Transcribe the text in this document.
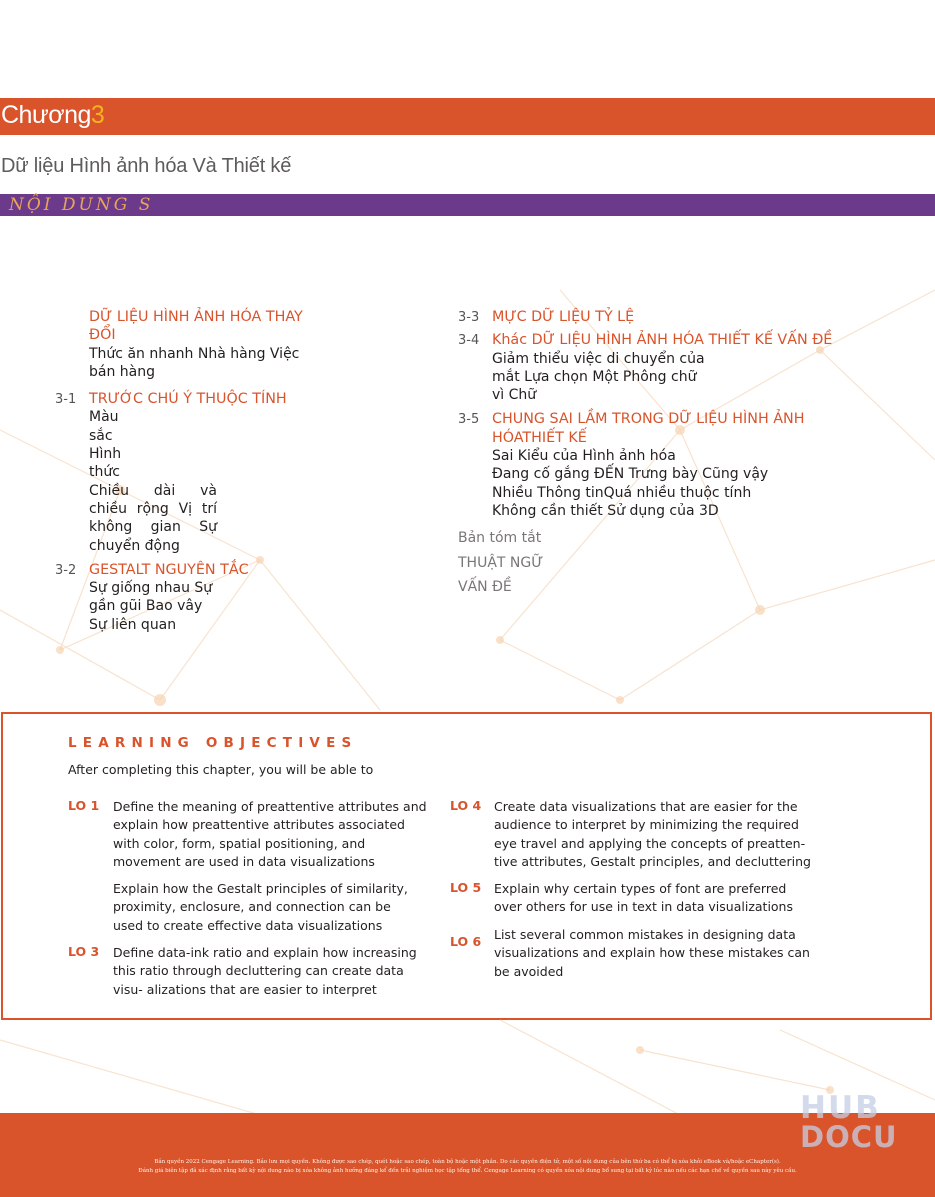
Chương3
Dữ liệu Hình ảnh hóa Và Thiết kế
NỘI DUNG S
DỮ LIỆU HÌNH ẢNH HÓA THAY ĐỔI
Thức ăn nhanh Nhà hàng Việc bán hàng
3-1 TRƯỚC CHÚ Ý THUỘC TÍNH
Màu sắc
Hình thức
Chiều dài và chiều rộng Vị trí không gian Sự chuyển động
3-2 GESTALT NGUYÊN TẮC
Sự giống nhau Sự gần gũi Bao vây Sự liên quan
3-3 MỰC DỮ LIỆU TỶ LỆ
3-4 Khác DỮ LIỆU HÌNH ẢNH HÓA THIẾT KẾ VẤN ĐỀ
Giảm thiểu việc di chuyển của mắt Lựa chọn Một Phông chữ vì Chữ
3-5 CHUNG SAI LẦM TRONG DỮ LIỆU HÌNH ẢNH HÓATHIẾT KẾ
Sai Kiểu của Hình ảnh hóa
Đang cố gắng ĐẾN Trưng bày Cũng vậy
Nhiều Thông tinQuá nhiều thuộc tính
Không cần thiết Sử dụng của 3D
Bản tóm tắt
THUẬT NGỮ
VẤN ĐỀ
LEARNING OBJECTIVES
After completing this chapter, you will be able to
LO 1 Define the meaning of preattentive attributes and explain how preattentive attributes associated with color, form, spatial positioning, and movement are used in data visualizations
Explain how the Gestalt principles of similarity, proximity, enclosure, and connection can be used to create effective data visualizations
LO 3 Define data-ink ratio and explain how increasing this ratio through decluttering can create data visu- alizations that are easier to interpret
LO 4 Create data visualizations that are easier for the audience to interpret by minimizing the required eye travel and applying the concepts of preatten- tive attributes, Gestalt principles, and decluttering
LO 5 Explain why certain types of font are preferred over others for use in text in data visualizations
LO 6 List several common mistakes in designing data visualizations and explain how these mistakes can be avoided
Bản quyền 2022 Cengage Learning. Bảo lưu mọi quyền. Không được sao chép, quét hoặc sao chép, toàn bộ hoặc một phần. Do các quyền điện tử, một số nội dung của bên thứ ba có thể bị xóa khỏi eBook và/hoặc eChapter(s).
Đánh giá biên tập đã xác định rằng bất kỳ nội dung nào bị xóa không ảnh hưởng đáng kể đến trải nghiệm học tập tổng thể. Cengage Learning có quyền xóa nội dung bổ sung tại bất kỳ lúc nào nếu các hạn chế về quyền sau này yêu cầu.
HUB
DOCU
